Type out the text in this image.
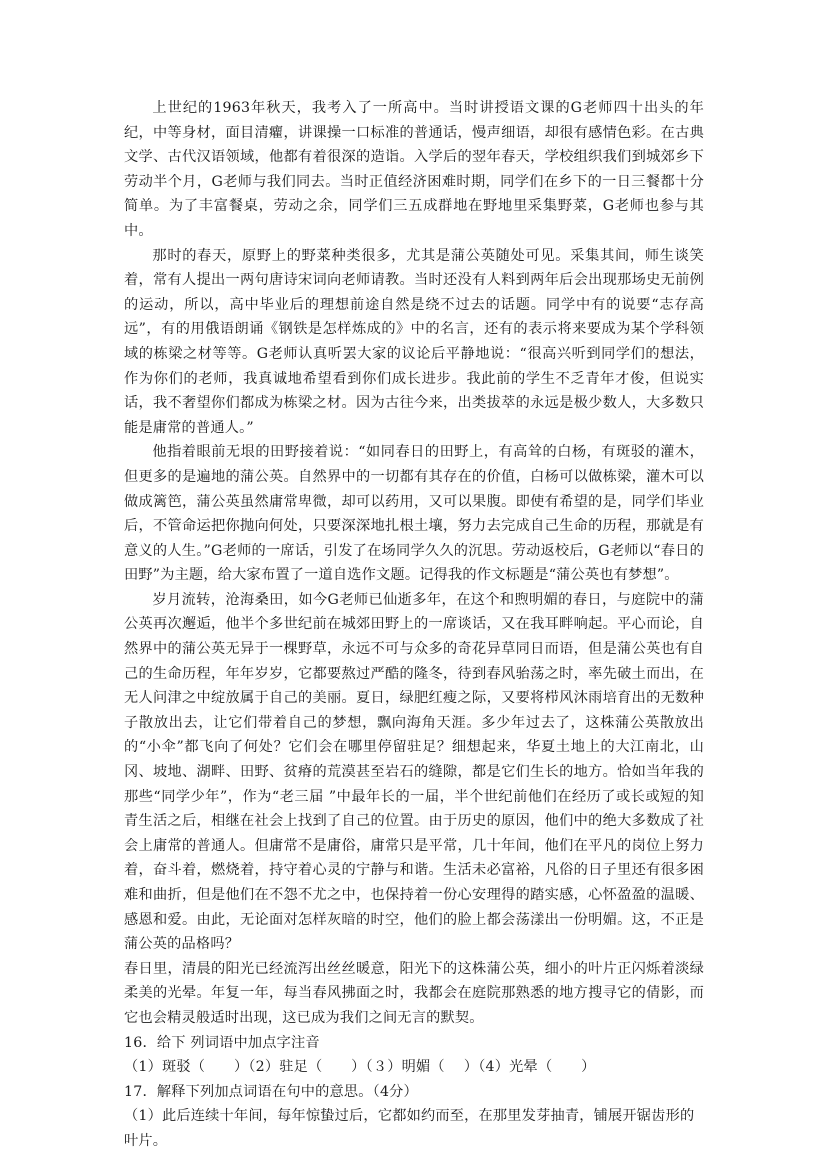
上世纪的1963年秋天，我考入了一所高中。当时讲授语文课的G老师四十出头的年纪，中等身材，面目清癯，讲课操一口标准的普通话，慢声细语，却很有感情色彩。在古典文学、古代汉语领域，他都有着很深的造诣。入学后的翌年春天，学校组织我们到城郊乡下劳动半个月，G老师与我们同去。当时正值经济困难时期，同学们在乡下的一日三餐都十分简单。为了丰富餐桌，劳动之余，同学们三五成群地在野地里采集野菜，G老师也参与其中。

那时的春天，原野上的野菜种类很多，尤其是蒲公英随处可见。采集其间，师生谈笑着，常有人提出一两句唐诗宋词向老师请教。当时还没有人料到两年后会出现那场史无前例的运动，所以，高中毕业后的理想前途自然是绕不过去的话题。同学中有的说要“志存高远”，有的用俄语朗诵《钢铁是怎样炼成的》中的名言，还有的表示将来要成为某个学科领域的栋梁之材等等。G老师认真听罢大家的议论后平静地说：“很高兴听到同学们的想法，作为你们的老师，我真诚地希望看到你们成长进步。我此前的学生不乏青年才俊，但说实话，我不奢望你们都成为栋梁之材。因为古往今来，出类拔萃的永远是极少数人，大多数只能是庸常的普通人。”

他指着眼前无垠的田野接着说：“如同春日的田野上，有高耸的白杨，有斑驳的灌木，但更多的是遍地的蒲公英。自然界中的一切都有其存在的价值，白杨可以做栋梁，灌木可以做成篱笆，蒲公英虽然庸常卑微，却可以药用，又可以果腹。即使有希望的是，同学们毕业后，不管命运把你抛向何处，只要深深地扎根土壤，努力去完成自己生命的历程，那就是有意义的人生。”G老师的一席话，引发了在场同学久久的沉思。劳动返校后，G老师以“春日的田野”为主题，给大家布置了一道自选作文题。记得我的作文标题是“蒲公英也有梦想”。

岁月流转，沧海桑田，如今G老师已仙逝多年，在这个和煦明媚的春日，与庭院中的蒲公英再次邂逅，他半个多世纪前在城郊田野上的一席谈话，又在我耳畔响起。平心而论，自然界中的蒲公英无异于一棵野草，永远不可与众多的奇花异草同日而语，但是蒲公英也有自己的生命历程，年年岁岁，它都要熬过严酷的隆冬，待到春风骀荡之时，率先破土而出，在无人问津之中绽放属于自己的美丽。夏日，绿肥红瘦之际，又要将栉风沐雨培育出的无数种子散放出去，让它们带着自己的梦想，飘向海角天涯。多少年过去了，这株蒲公英散放出的“小伞”都飞向了何处？它们会在哪里停留驻足？细想起来，华夏土地上的大江南北，山冈、坡地、湖畔、田野、贫瘠的荒漠甚至岩石的缝隙，都是它们生长的地方。恰如当年我的那些“同学少年”，作为“老三届 ”中最年长的一届，半个世纪前他们在经历了或长或短的知青生活之后，相继在社会上找到了自己的位置。由于历史的原因，他们中的绝大多数成了社会上庸常的普通人。但庸常不是庸俗，庸常只是平常，几十年间，他们在平凡的岗位上努力着，奋斗着，燃烧着，持守着心灵的宁静与和谐。生活未必富裕，凡俗的日子里还有很多困难和曲折，但是他们在不怨不尤之中，也保持着一份心安理得的踏实感，心怀盈盈的温暖、感恩和爱。由此，无论面对怎样灰暗的时空，他们的脸上都会荡漾出一份明媚。这，不正是蒲公英的品格吗？

春日里，清晨的阳光已经流泻出丝丝暖意，阳光下的这株蒲公英，细小的叶片正闪烁着淡绿柔美的光晕。年复一年，每当春风拂面之时，我都会在庭院那熟悉的地方搜寻它的倩影，而它也会精灵般适时出现，这已成为我们之间无言的默契。

16．给下 列词语中加点字注音

（1）斑驳（　　）（2）驻足（　　）（３）明媚（　 ）（4）光晕（　　）

17．解释下列加点词语在句中的意思。（4分）

（1）此后连续十年间，每年惊蛰过后，它都如约而至，在那里发芽抽青，铺展开锯齿形的叶片。
